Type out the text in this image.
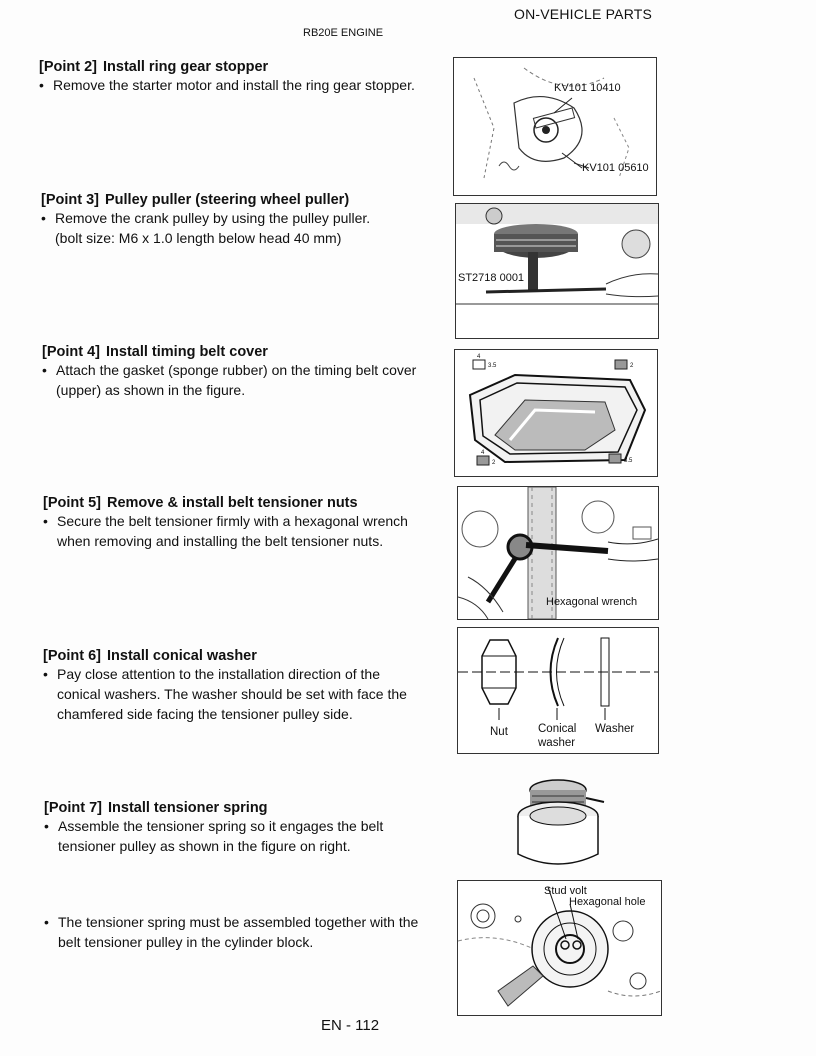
ON-VEHICLE PARTS
RB20E ENGINE
[Point 2] Install ring gear stopper
• Remove the starter motor and install the ring gear stopper.
[Point 3] Pulley puller (steering wheel puller)
• Remove the crank pulley by using the pulley puller.
(bolt size: M6 x 1.0 length below head 40 mm)
[Point 4] Install timing belt cover
• Attach the gasket (sponge rubber) on the timing belt cover
(upper) as shown in the figure.
[Point 5] Remove & install belt tensioner nuts
• Secure the belt tensioner firmly with a hexagonal wrench
when removing and installing the belt tensioner nuts.
[Point 6] Install conical washer
• Pay close attention to the installation direction of the
conical washers. The washer should be set with face the
chamfered side facing the tensioner pulley side.
[Point 7] Install tensioner spring
• Assemble the tensioner spring so it engages the belt
tensioner pulley as shown in the figure on right.
• The tensioner spring must be assembled together with the
belt tensioner pulley in the cylinder block.
KV101 10410
KV101 05610
ST2718 0001
4
3.5	2
4
2	3.5
Hexagonal wrench
Nut	Conical
washer
Washer
Stud volt
Hexagonal hole
EN - 112
